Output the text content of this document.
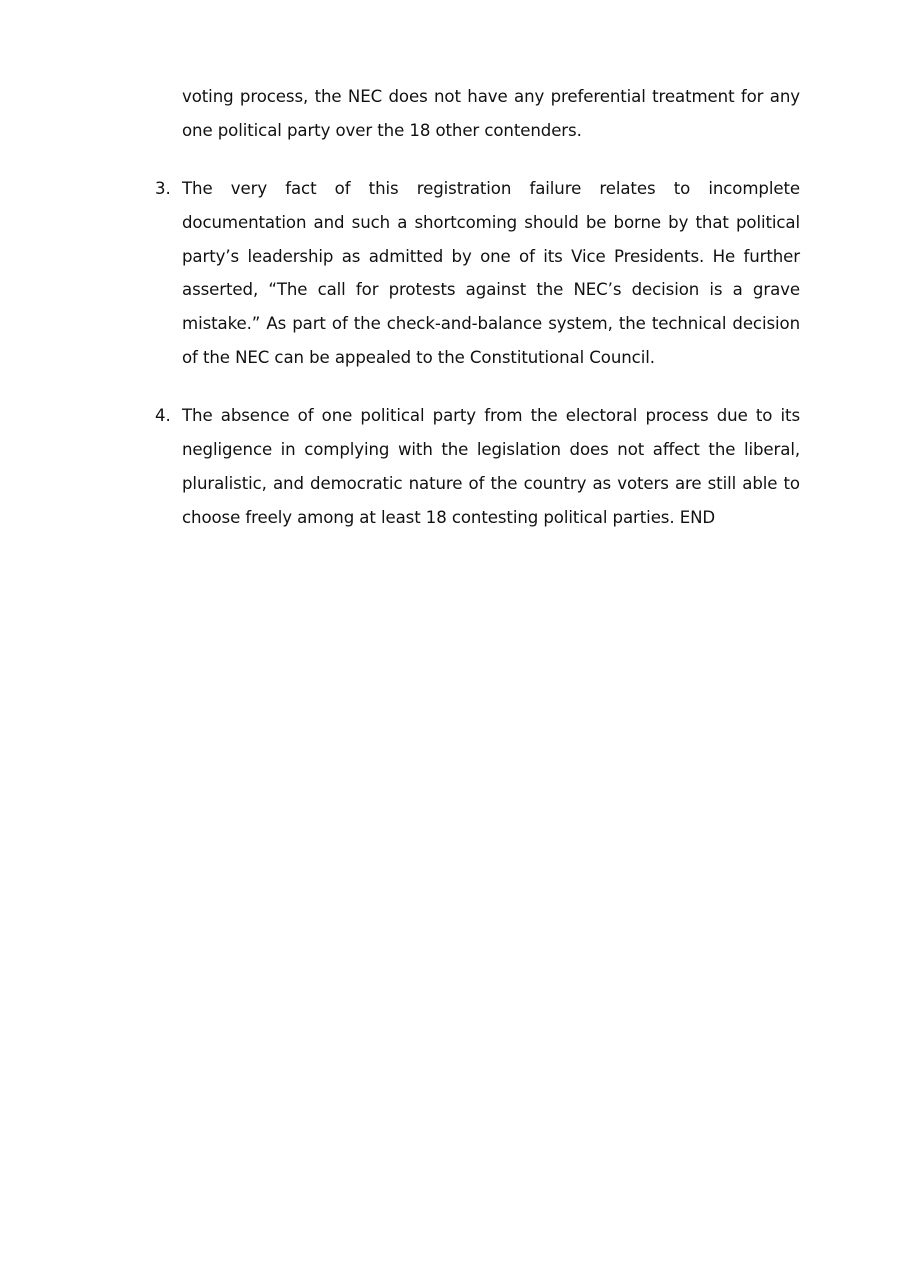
voting process, the NEC does not have any preferential treatment for any one political party over the 18 other contenders.

3. The very fact of this registration failure relates to incomplete documentation and such a shortcoming should be borne by that political party’s leadership as admitted by one of its Vice Presidents. He further asserted, “The call for protests against the NEC’s decision is a grave mistake.” As part of the check-and-balance system, the technical decision of the NEC can be appealed to the Constitutional Council.

4. The absence of one political party from the electoral process due to its negligence in complying with the legislation does not affect the liberal, pluralistic, and democratic nature of the country as voters are still able to choose freely among at least 18 contesting political parties. END
